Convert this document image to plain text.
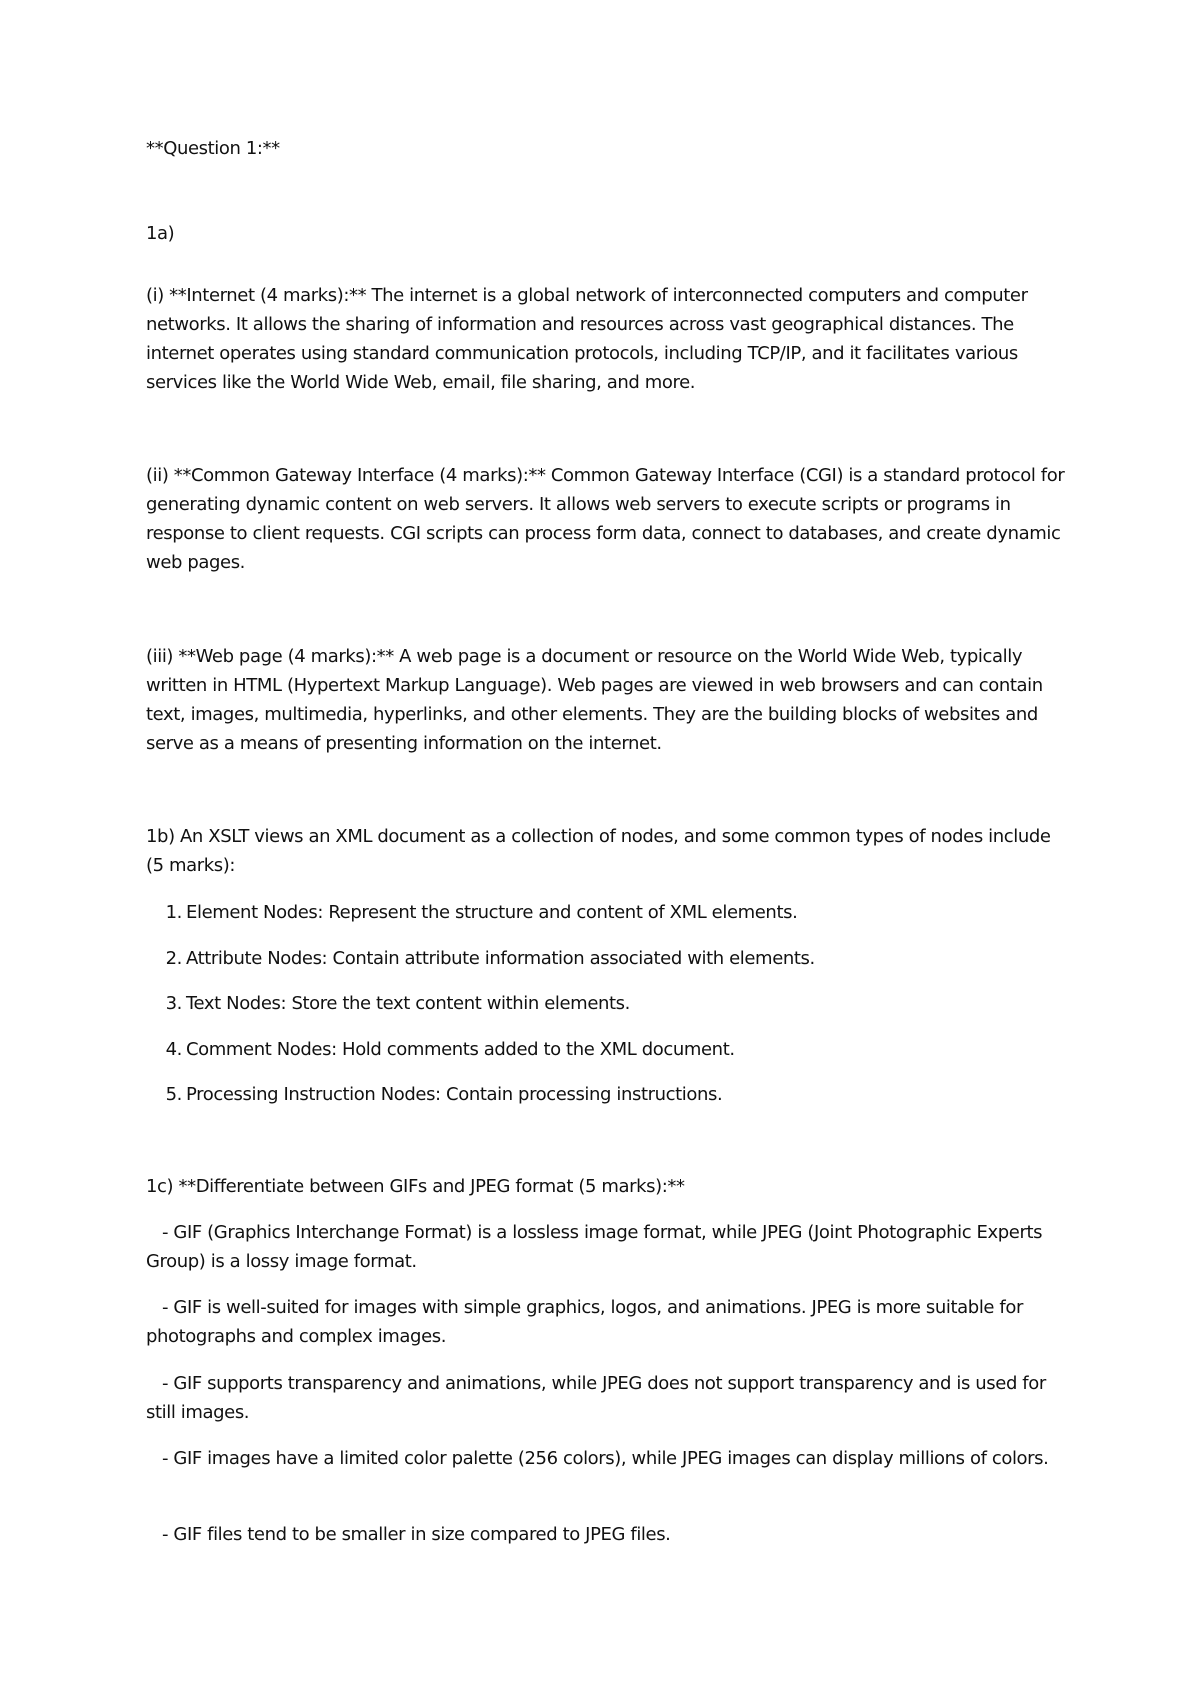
**Question 1:**

1a)

(i) **Internet (4 marks):** The internet is a global network of interconnected computers and computer networks. It allows the sharing of information and resources across vast geographical distances. The internet operates using standard communication protocols, including TCP/IP, and it facilitates various services like the World Wide Web, email, file sharing, and more.

(ii) **Common Gateway Interface (4 marks):** Common Gateway Interface (CGI) is a standard protocol for generating dynamic content on web servers. It allows web servers to execute scripts or programs in response to client requests. CGI scripts can process form data, connect to databases, and create dynamic web pages.

(iii) **Web page (4 marks):** A web page is a document or resource on the World Wide Web, typically written in HTML (Hypertext Markup Language). Web pages are viewed in web browsers and can contain text, images, multimedia, hyperlinks, and other elements. They are the building blocks of websites and serve as a means of presenting information on the internet.

1b) An XSLT views an XML document as a collection of nodes, and some common types of nodes include (5 marks):

1. Element Nodes: Represent the structure and content of XML elements.
2. Attribute Nodes: Contain attribute information associated with elements.
3. Text Nodes: Store the text content within elements.
4. Comment Nodes: Hold comments added to the XML document.
5. Processing Instruction Nodes: Contain processing instructions.

1c) **Differentiate between GIFs and JPEG format (5 marks):**

- GIF (Graphics Interchange Format) is a lossless image format, while JPEG (Joint Photographic Experts Group) is a lossy image format.

- GIF is well-suited for images with simple graphics, logos, and animations. JPEG is more suitable for photographs and complex images.

- GIF supports transparency and animations, while JPEG does not support transparency and is used for still images.

- GIF images have a limited color palette (256 colors), while JPEG images can display millions of colors.

- GIF files tend to be smaller in size compared to JPEG files.
